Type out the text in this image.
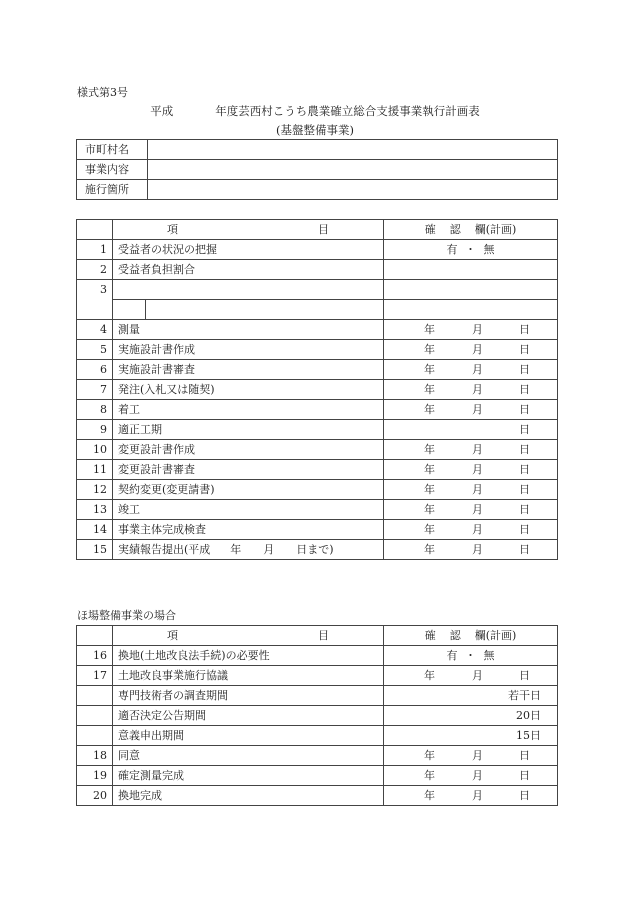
様式第3号
平成	年度芸西村こうち農業確立総合支援事業執行計画表
(基盤整備事業)
市町村名	
事業内容	
施行箇所	
	項 目		確 認 欄(計画)
1	受益者の状況の把握		有 ・ 無
2	受益者負担割合		
3			

4	測量		年 月 日

5	実施設計書作成		年 月 日

6	実施設計書審査		年 月 日

7	発注(入札又は随契)		年 月 日

8	着工		年 月 日

9	適正工期		日

10	変更設計書作成		年 月 日

11	変更設計書審査		年 月 日

12	契約変更(変更請書)		年 月 日

13	竣工		年 月 日

14	事業主体完成検査		年 月 日

15	実績報告提出(平成 年 月 日まで)		年 月 日
ほ場整備事業の場合
	項 目	確 認 欄(計画)
16	換地(土地改良法手続)の必要性	有 ・ 無
17	土地改良事業施行協議	年 月 日

	専門技術者の調査期間	若干日
	適否決定公告期間	20日
	意義申出期間	15日
18	同意	年 月 日

19	確定測量完成	年 月 日

20	換地完成	年 月 日
